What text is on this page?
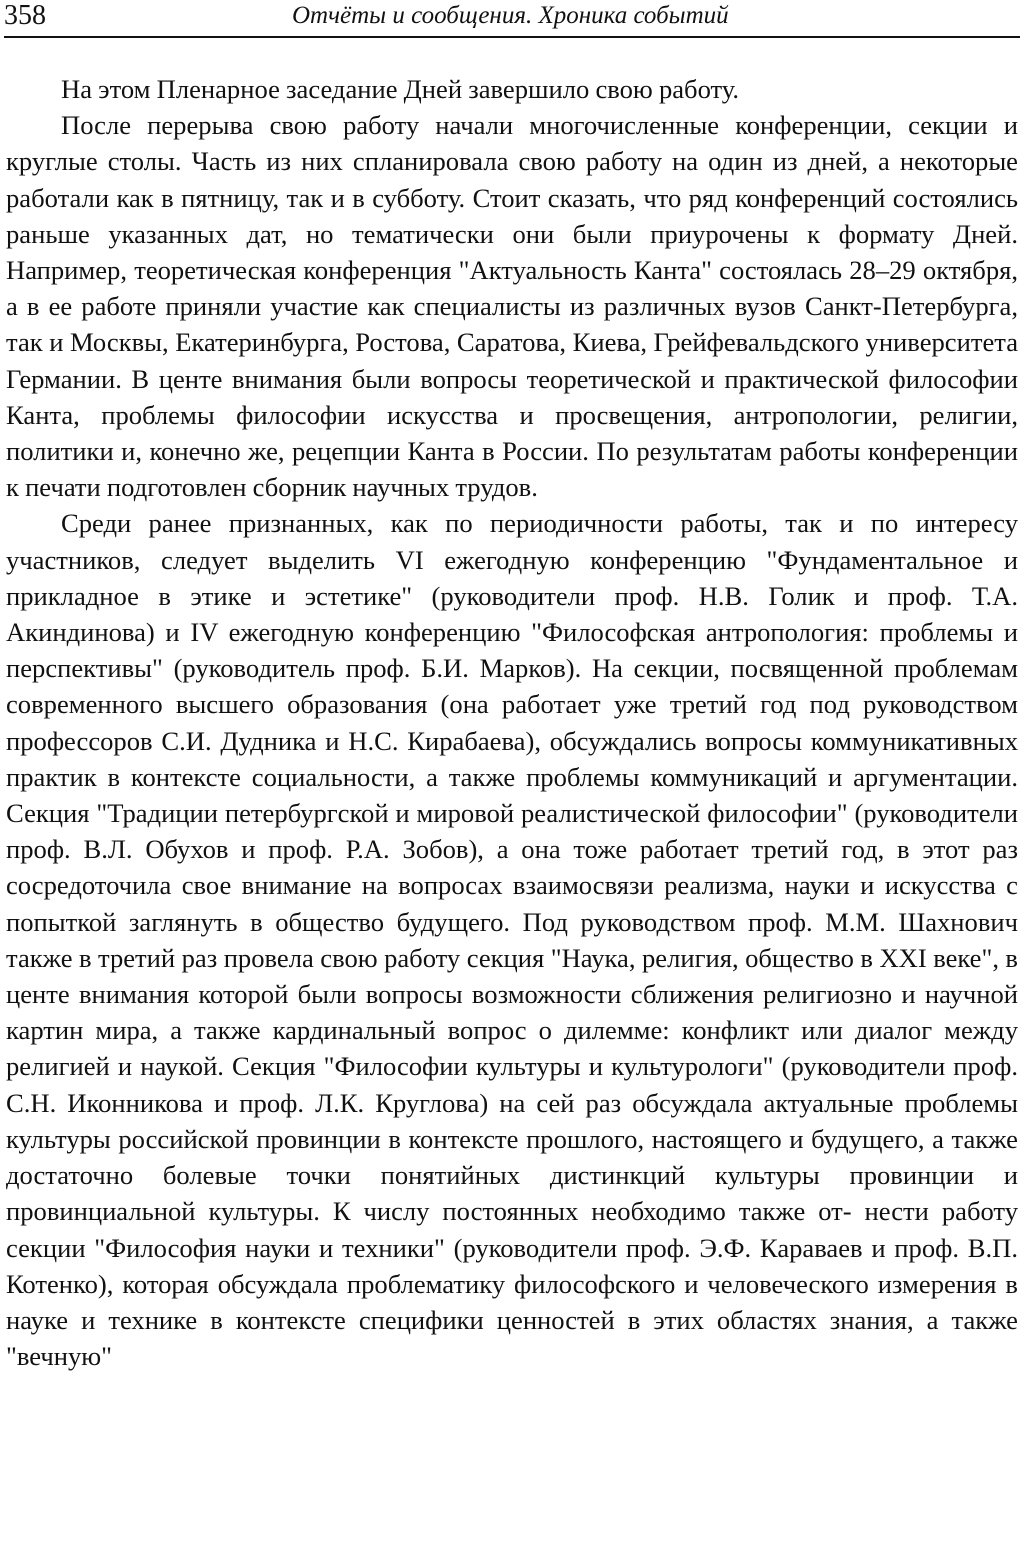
358	Отчёты и сообщения. Хроника событий

На этом Пленарное заседание Дней завершило свою работу.

После перерыва свою работу начали многочисленные конференции, секции и круглые столы. Часть из них спланировала свою работу на один из дней, а некоторые работали как в пятницу, так и в субботу. Стоит сказать, что ряд конференций состоялись раньше указанных дат, но тематически они были приурочены к формату Дней. Например, теоретическая конференция "Актуальность Канта" состоялась 28–29 октября, а в ее работе приняли участие как специалисты из различных вузов Санкт-Петербурга, так и Москвы, Екатеринбурга, Ростова, Саратова, Киева, Грейфевальдского университета Германии. В центе внимания были вопросы теоретической и практической философии Канта, проблемы философии искусства и просвещения, антропологии, религии, политики и, конечно же, рецепции Канта в России. По результатам работы конференции к печати подготовлен сборник научных трудов.

Среди ранее признанных, как по периодичности работы, так и по интересу участников, следует выделить VI ежегодную конференцию "Фундаментальное и прикладное в этике и эстетике" (руководители проф. Н.В. Голик и проф. Т.А. Акиндинова) и IV ежегодную конференцию "Философская антропология: проблемы и перспективы" (руководитель проф. Б.И. Марков). На секции, посвященной проблемам современного высшего образования (она работает уже третий год под руководством профессоров С.И. Дудника и Н.С. Кирабаева), обсуждались вопросы коммуникативных практик в контексте социальности, а также проблемы коммуникаций и аргументации. Секция "Традиции петербургской и мировой реалистической философии" (руководители проф. В.Л. Обухов и проф. Р.А. Зобов), а она тоже работает третий год, в этот раз сосредоточила свое внимание на вопросах взаимосвязи реализма, науки и искусства с попыткой заглянуть в общество будущего. Под руководством проф. М.М. Шахнович также в третий раз провела свою работу секция "Наука, религия, общество в XXI веке", в центе внимания которой были вопросы возможности сближения религиозно и научной картин мира, а также кардинальный вопрос о дилемме: конфликт или диалог между религией и наукой. Секция "Философии культуры и культурологи" (руководители проф. С.Н. Иконникова и проф. Л.К. Круглова) на сей раз обсуждала актуальные проблемы культуры российской провинции в контексте прошлого, настоящего и будущего, а также достаточно болевые точки понятийных дистинкций культуры провинции и провинциальной культуры. К числу постоянных необходимо также от- нести работу секции "Философия науки и техники" (руководители проф. Э.Ф. Караваев и проф. В.П. Котенко), которая обсуждала проблематику философского и человеческого измерения в науке и технике в контексте специфики ценностей в этих областях знания, а также "вечную"
